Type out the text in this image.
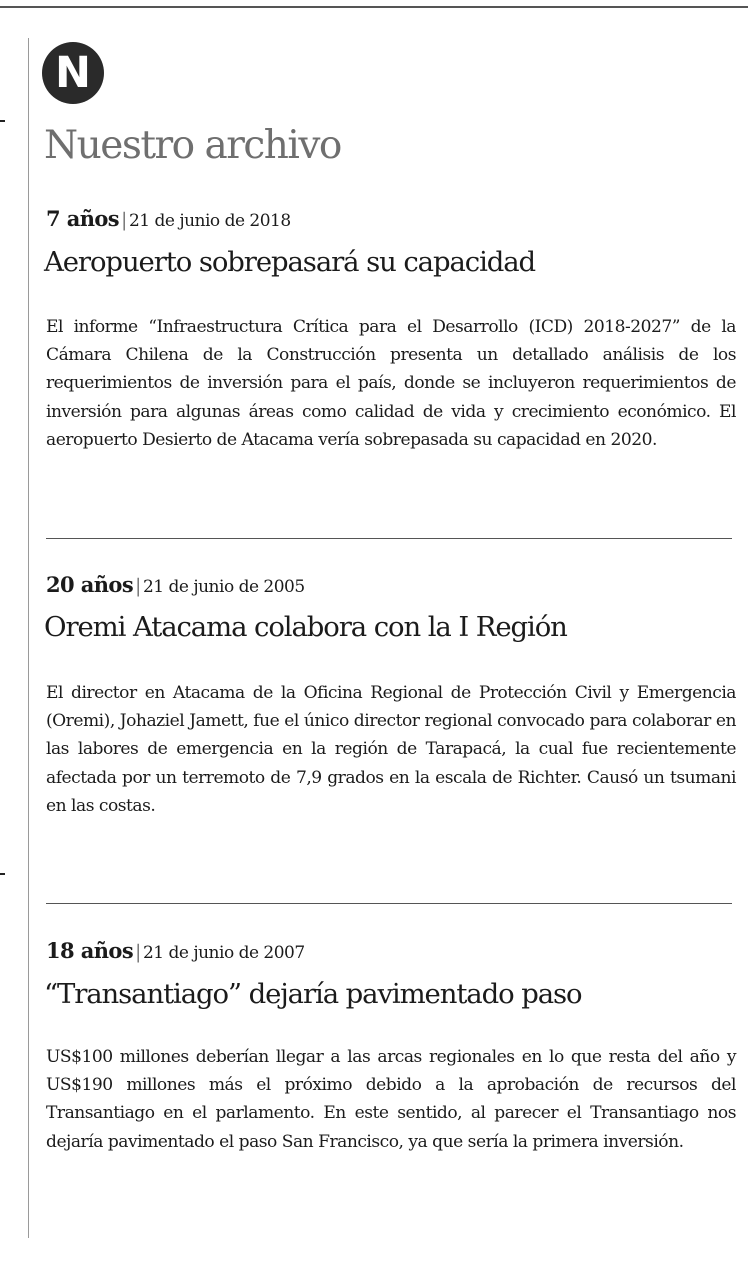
N
Nuestro archivo
7 años | 21 de junio de 2018
Aeropuerto sobrepasará su capacidad

El informe “Infraestructura Crítica para el Desarrollo (ICD) 2018-2027” de la Cámara Chilena de la Construcción presenta un detallado análisis de los requerimientos de inversión para el país, donde se incluyeron requerimientos de inversión para algunas áreas como calidad de vida y crecimiento económico. El aeropuerto Desierto de Atacama vería sobrepasada su capacidad en 2020.

20 años | 21 de junio de 2005
Oremi Atacama colabora con la I Región

El director en Atacama de la Oficina Regional de Protección Civil y Emergencia (Oremi), Johaziel Jamett, fue el único director regional convocado para colaborar en las labores de emergencia en la región de Tarapacá, la cual fue recientemente afectada por un terremoto de 7,9 grados en la escala de Richter. Causó un tsumani en las costas.

18 años | 21 de junio de 2007
“Transantiago” dejaría pavimentado paso

US$100 millones deberían llegar a las arcas regionales en lo que resta del año y US$190 millones más el próximo debido a la aprobación de recursos del Transantiago en el parlamento. En este sentido, al parecer el Transantiago nos dejaría pavimentado el paso San Francisco, ya que sería la primera inversión.
